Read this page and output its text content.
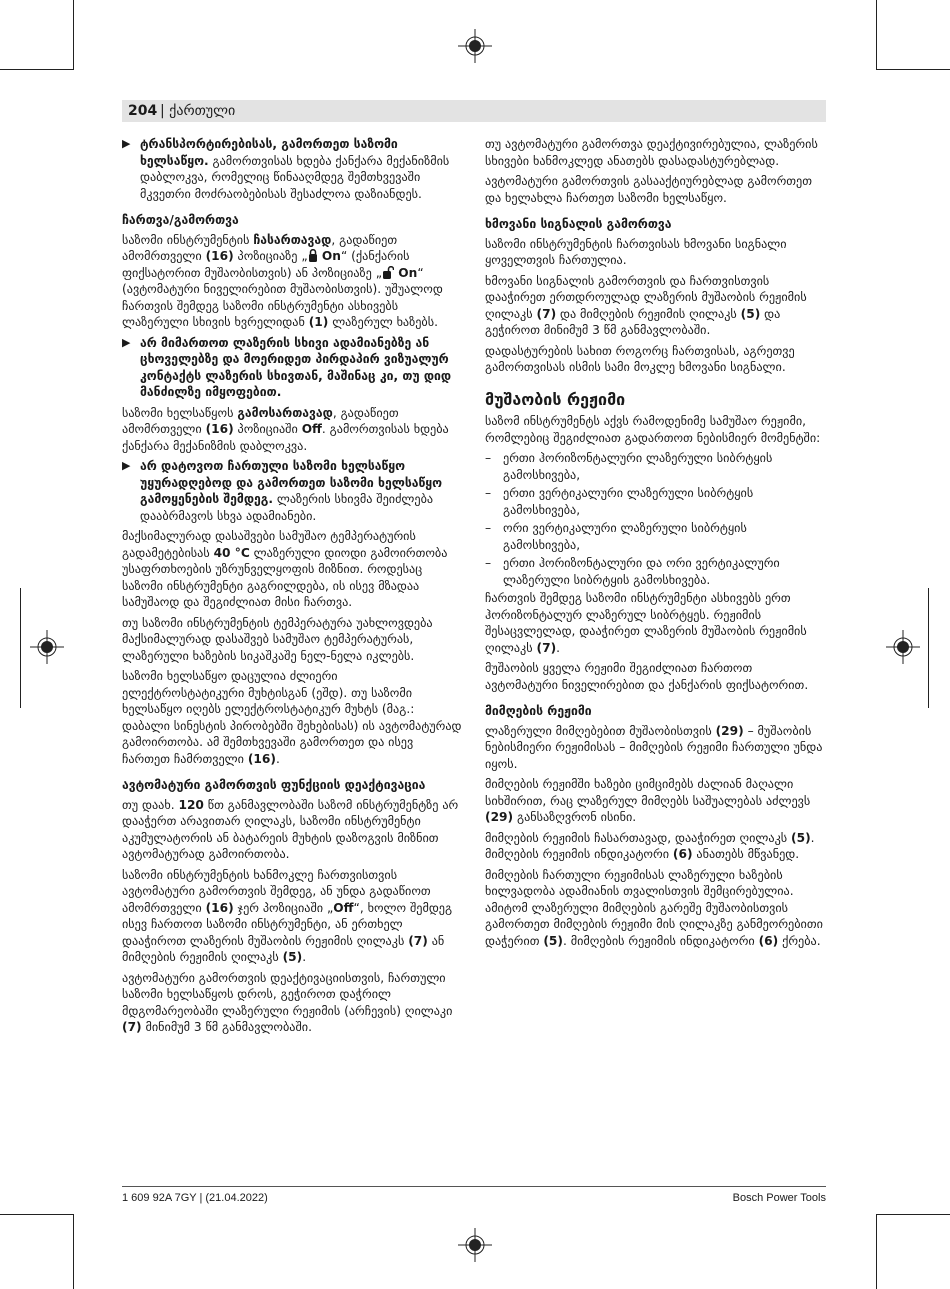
204 | ქართული
▶ ტრანსპორტირებისას, გამორთეთ საზომი ხელსაწყო. გამორთვისას ხდება ქანქარა მექანიზმის დაბლოკვა, რომელიც წინააღმდეგ შემთხვევაში მკვეთრი მოძრაობებისას შესაძლოა დაზიანდეს.
ჩართვა/გამორთვა

საზომი ინსტრუმენტის ჩასართავად, გადაწიეთ ამომრთველი (16) პოზიციაზე „ On“ (ქანქარის ფიქსატორით მუშაობისთვის) ან პოზიციაზე „ On“ (ავტომატური ნიველირებით მუშაობისთვის). უშუალოდ ჩართვის შემდეგ საზომი ინსტრუმენტი ასხივებს ლაზერული სხივის ხვრელიდან (1) ლაზერულ ხაზებს.

▶ არ მიმართოთ ლაზერის სხივი ადამიანებზე ან ცხოველებზე და მოერიდეთ პირდაპირ ვიზუალურ კონტაქტს ლაზერის სხივთან, მაშინაც კი, თუ დიდ მანძილზე იმყოფებით.

საზომი ხელსაწყოს გამოსართავად, გადაწიეთ ამომრთველი (16) პოზიციაში Off. გამორთვისას ხდება ქანქარა მექანიზმის დაბლოკვა.

▶ არ დატოვოთ ჩართული საზომი ხელსაწყო უყურადღებოდ და გამორთეთ საზომი ხელსაწყო გამოყენების შემდეგ. ლაზერის სხივმა შეიძლება დააბრმავოს სხვა ადამიანები.

მაქსიმალურად დასაშვები სამუშაო ტემპერატურის გადამეტებისას 40 °C ლაზერული დიოდი გამოირთობა უსაფრთხოების უზრუნველყოფის მიზნით. როდესაც საზომი ინსტრუმენტი გაგრილდება, ის ისევ მზადაა სამუშაოდ და შეგიძლიათ მისი ჩართვა.

თუ საზომი ინსტრუმენტის ტემპერატურა უახლოვდება მაქსიმალურად დასაშვებ სამუშაო ტემპერატურას, ლაზერული ხაზების სიკაშკაშე ნელ-ნელა იკლებს.

საზომი ხელსაწყო დაცულია ძლიერი ელექტროსტატიკური მუხტისგან (ეშდ). თუ საზომი ხელსაწყო იღებს ელექტროსტატიკურ მუხტს (მაგ.: დაბალი სინესტის პირობებში შეხებისას) ის ავტომატურად გამოირთობა. ამ შემთხვევაში გამორთეთ და ისევ ჩართეთ ჩამრთველი (16).

ავტომატური გამორთვის ფუნქციის დეაქტივაცია

თუ დაახ. 120 წთ განმავლობაში საზომ ინსტრუმენტზე არ დააჭერთ არავითარ ღილაკს, საზომი ინსტრუმენტი აკუმულატორის ან ბატარეის მუხტის დაზოგვის მიზნით ავტომატურად გამოირთობა.

საზომი ინსტრუმენტის ხანმოკლე ჩართვისთვის ავტომატური გამორთვის შემდეგ, ან უნდა გადაწიოთ ამომრთველი (16) ჯერ პოზიციაში „Off“, ხოლო შემდეგ ისევ ჩართოთ საზომი ინსტრუმენტი, ან ერთხელ დააჭიროთ ლაზერის მუშაობის რეჟიმის ღილაკს (7) ან მიმღების რეჟიმის ღილაკს (5).

ავტომატური გამორთვის დეაქტივაციისთვის, ჩართული საზომი ხელსაწყოს დროს, გეჭიროთ დაჭრილ მდგომარეობაში ლაზერული რეჟიმის (არჩევის) ღილაკი (7) მინიმუმ 3 წმ განმავლობაში.

თუ ავტომატური გამორთვა დეაქტივირებულია, ლაზერის სხივები ხანმოკლედ ანათებს დასადასტურებლად.

ავტომატური გამორთვის გასააქტიურებლად გამორთეთ და ხელახლა ჩართეთ საზომი ხელსაწყო.

ხმოვანი სიგნალის გამორთვა

საზომი ინსტრუმენტის ჩართვისას ხმოვანი სიგნალი ყოველთვის ჩართულია.

ხმოვანი სიგნალის გამორთვის და ჩართვისთვის დააჭირეთ ერთდროულად ლაზერის მუშაობის რეჟიმის ღილაკს (7) და მიმღების რეჟიმის ღილაკს (5) და გეჭიროთ მინიმუმ 3 წმ განმავლობაში.

დადასტურების სახით როგორც ჩართვისას, აგრეთვე გამორთვისას ისმის სამი მოკლე ხმოვანი სიგნალი.

მუშაობის რეჟიმი

საზომ ინსტრუმენტს აქვს რამოდენიმე სამუშაო რეჟიმი, რომლებიც შეგიძლიათ გადართოთ ნებისმიერ მომენტში:

– ერთი ჰორიზონტალური ლაზერული სიბრტყის გამოსხივება,
– ერთი ვერტიკალური ლაზერული სიბრტყის გამოსხივება,
– ორი ვერტიკალური ლაზერული სიბრტყის გამოსხივება,
– ერთი ჰორიზონტალური და ორი ვერტიკალური ლაზერული სიბრტყის გამოსხივება.

ჩართვის შემდეგ საზომი ინსტრუმენტი ასხივებს ერთ ჰორიზონტალურ ლაზერულ სიბრტყეს. რეჟიმის შესაცვლელად, დააჭირეთ ლაზერის მუშაობის რეჟიმის ღილაკს (7).

მუშაობის ყველა რეჟიმი შეგიძლიათ ჩართოთ ავტომატური ნიველირებით და ქანქარის ფიქსატორით.

მიმღების რეჟიმი

ლაზერული მიმღებებით მუშაობისთვის (29) – მუშაობის ნებისმიერი რეჟიმისას – მიმღების რეჟიმი ჩართული უნდა იყოს.

მიმღების რეჟიმში ხაზები ციმციმებს ძალიან მაღალი სიხშირით, რაც ლაზერულ მიმღებს საშუალებას აძლევს (29) განსაზღვრონ ისინი.

მიმღების რეჟიმის ჩასართავად, დააჭირეთ ღილაკს (5). მიმღების რეჟიმის ინდიკატორი (6) ანათებს მწვანედ.

მიმღების ჩართული რეჟიმისას ლაზერული ხაზების ხილვადობა ადამიანის თვალისთვის შემცირებულია. ამიტომ ლაზერული მიმღების გარეშე მუშაობისთვის გამორთეთ მიმღების რეჟიმი მის ღილაკზე განმეორებითი დაჭერით (5). მიმღების რეჟიმის ინდიკატორი (6) ქრება.

1 609 92A 7GY | (21.04.2022)	Bosch Power Tools
